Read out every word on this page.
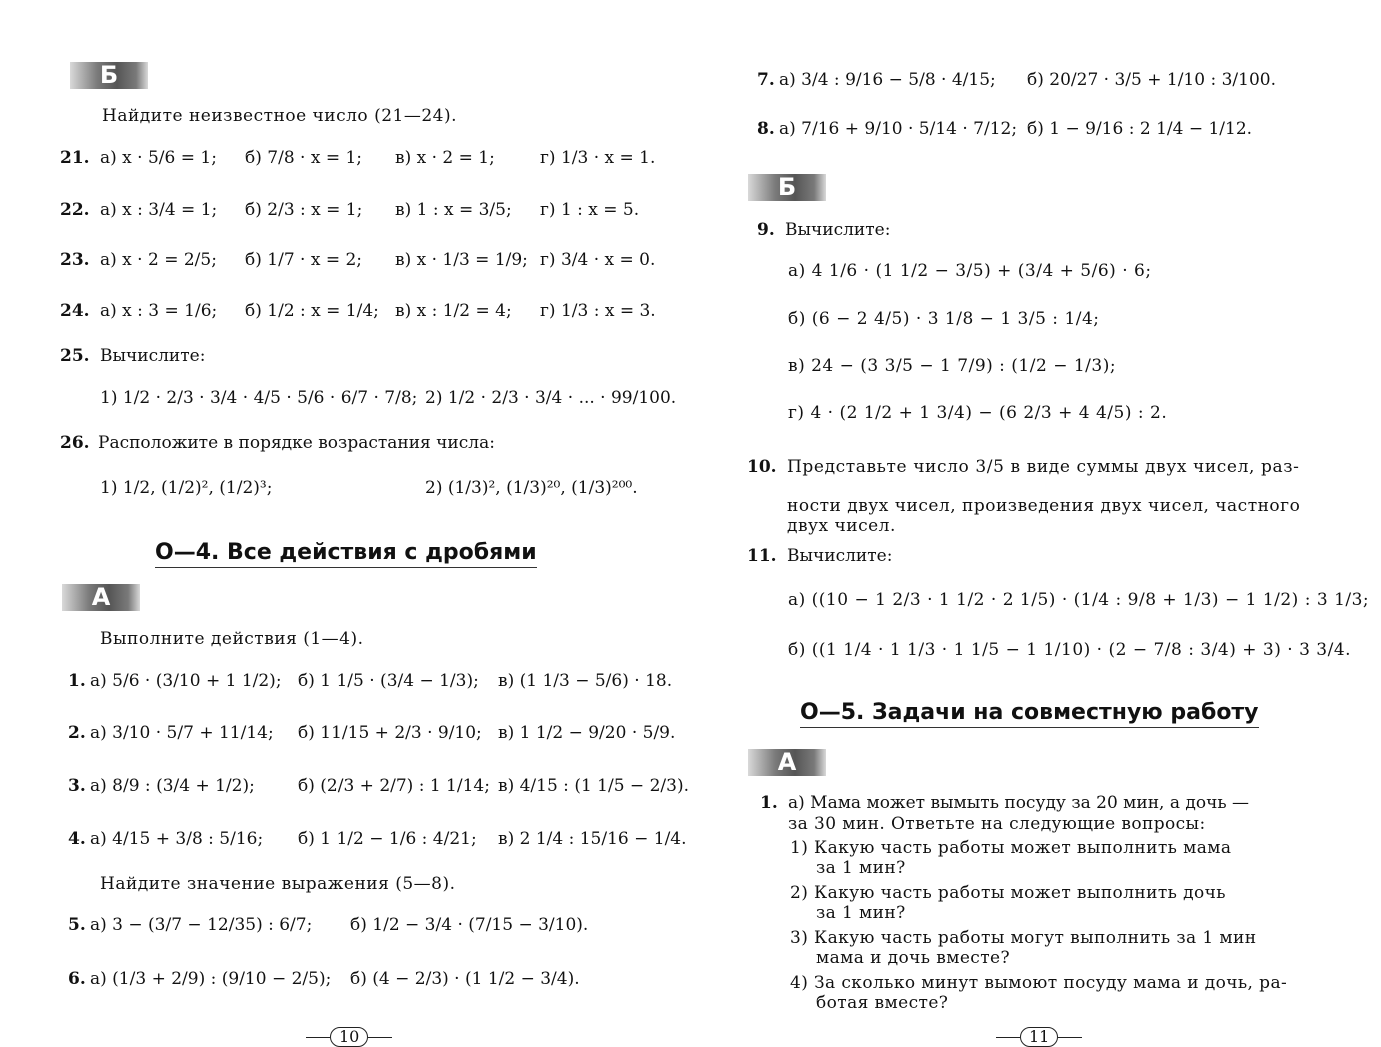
Б
Найдите неизвестное число (21—24).
21. а) x · 5/6 = 1; б) 7/8 · x = 1; в) x · 2 = 1;	г) 1/3 · x = 1.
22. а) x : 3/4 = 1; б) 2/3 : x = 1; в) 1 : x = 3/5; г) 1 : x = 5.
23. а) x · 2 = 2/5; б) 1/7 · x = 2; в) x · 1/3 = 1/9; г) 3/4 · x = 0.
24. а) x : 3 = 1/6; б) 1/2 : x = 1/4; в) x : 1/2 = 4; г) 1/3 : x = 3.
25. Вычислите:
1) 1/2 · 2/3 · 3/4 · 4/5 · 5/6 · 6/7 · 7/8; 2) 1/2 · 2/3 · 3/4 · ... · 99/100.
26. Расположите в порядке возрастания числа:
1) 1/2, (1/2)², (1/2)³;	2) (1/3)², (1/3)²⁰, (1/3)²⁰⁰.
О—4. Все действия с дробями
А
Выполните действия (1—4).
1. а) 5/6 · (3/10 + 1 1/2); б) 1 1/5 · (3/4 − 1/3); в) (1 1/3 − 5/6) · 18.
2. а) 3/10 · 5/7 + 11/14; б) 11/15 + 2/3 · 9/10; в) 1 1/2 − 9/20 · 5/9.
3. а) 8/9 : (3/4 + 1/2);	б) (2/3 + 2/7) : 1 1/14; в) 4/15 : (1 1/5 − 2/3).
4. а) 4/15 + 3/8 : 5/16; б) 1 1/2 − 1/6 : 4/21; в) 2 1/4 : 15/16 − 1/4.
Найдите значение выражения (5—8).
5. а) 3 − (3/7 − 12/35) : 6/7; б) 1/2 − 3/4 · (7/15 − 3/10).
6. а) (1/3 + 2/9) : (9/10 − 2/5); б) (4 − 2/3) · (1 1/2 − 3/4).
10
7. а) 3/4 : 9/16 − 5/8 · 4/15; б) 20/27 · 3/5 + 1/10 : 3/100.
8. а) 7/16 + 9/10 · 5/14 · 7/12; б) 1 − 9/16 : 2 1/4 − 1/12.
Б
9. Вычислите:
а) 4 1/6 · (1 1/2 − 3/5) + (3/4 + 5/6) · 6;
б) (6 − 2 4/5) · 3 1/8 − 1 3/5 : 1/4;
в) 24 − (3 3/5 − 1 7/9) : (1/2 − 1/3);
г) 4 · (2 1/2 + 1 3/4) − (6 2/3 + 4 4/5) : 2.
10. Представьте число 3/5 в виде суммы двух чисел, раз-
ности двух чисел, произведения двух чисел, частного
двух чисел.
11. Вычислите:
а) ((10 − 1 2/3 · 1 1/2 · 2 1/5) · (1/4 : 9/8 + 1/3) − 1 1/2) : 3 1/3;
б) ((1 1/4 · 1 1/3 · 1 1/5 − 1 1/10) · (2 − 7/8 : 3/4) + 3) · 3 3/4.
О—5. Задачи на совместную работу
А
1. а) Мама может вымыть посуду за 20 мин, а дочь —
за 30 мин. Ответьте на следующие вопросы:
1) Какую часть работы может выполнить мама
за 1 мин?
2) Какую часть работы может выполнить дочь
за 1 мин?
3) Какую часть работы могут выполнить за 1 мин
мама и дочь вместе?
4) За сколько минут вымоют посуду мама и дочь, ра-
ботая вместе?
11
